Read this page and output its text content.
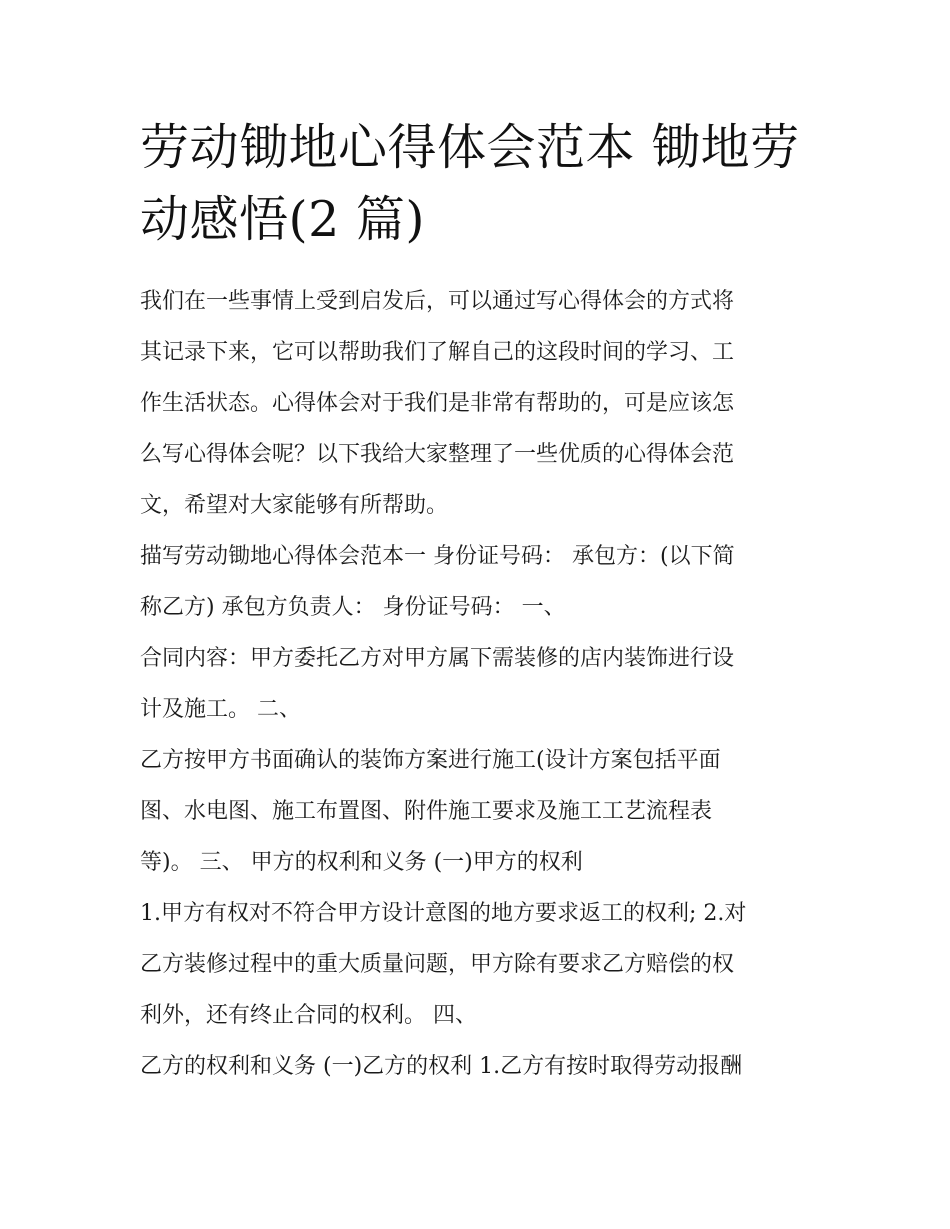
劳动锄地心得体会范本 锄地劳
动感悟(2 篇)
我们在一些事情上受到启发后，可以通过写心得体会的方式将
其记录下来，它可以帮助我们了解自己的这段时间的学习、工
作生活状态。心得体会对于我们是非常有帮助的，可是应该怎
么写心得体会呢？以下我给大家整理了一些优质的心得体会范
文，希望对大家能够有所帮助。
描写劳动锄地心得体会范本一 身份证号码： 承包方：(以下简
称乙方) 承包方负责人： 身份证号码： 一、
合同内容：甲方委托乙方对甲方属下需装修的店内装饰进行设
计及施工。 二、
乙方按甲方书面确认的装饰方案进行施工(设计方案包括平面
图、水电图、施工布置图、附件施工要求及施工工艺流程表
等)。 三、 甲方的权利和义务 (一)甲方的权利
1.甲方有权对不符合甲方设计意图的地方要求返工的权利; 2.对
乙方装修过程中的重大质量问题，甲方除有要求乙方赔偿的权
利外，还有终止合同的权利。 四、
乙方的权利和义务 (一)乙方的权利 1.乙方有按时取得劳动报酬
